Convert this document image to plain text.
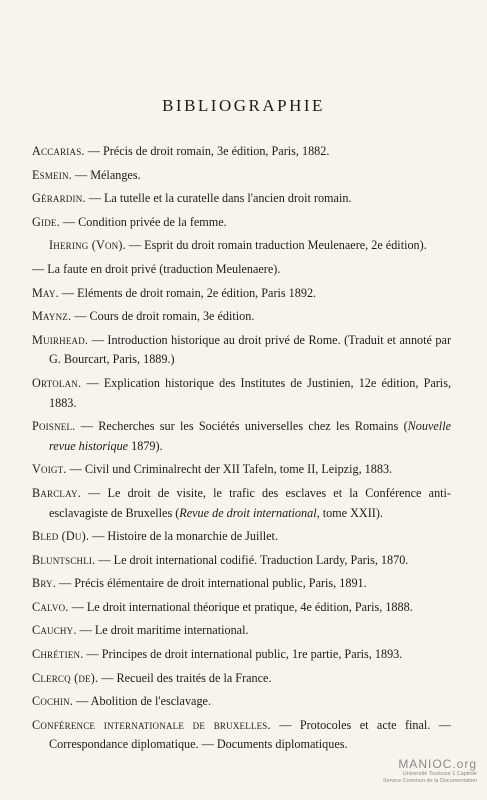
BIBLIOGRAPHIE
Accarias. — Précis de droit romain, 3e édition, Paris, 1882.
Esmein. — Mélanges.
Gérardin. — La tutelle et la curatelle dans l'ancien droit romain.
Gide. — Condition privée de la femme.
Ihering (Von). — Esprit du droit romain traduction Meulenaere, 2e édition).
— La faute en droit privé (traduction Meulenaere).
May. — Eléments de droit romain, 2e édition, Paris 1892.
Maynz. — Cours de droit romain, 3e édition.
Muirhead. — Introduction historique au droit privé de Rome. (Traduit et annoté par G. Bourcart, Paris, 1889.)
Ortolan. — Explication historique des Institutes de Justinien, 12e édition, Paris, 1883.
Poisnel. — Recherches sur les Sociétés universelles chez les Romains (Nouvelle revue historique 1879).
Voigt. — Civil und Criminalrecht der XII Tafeln, tome II, Leipzig, 1883.
Barclay. — Le droit de visite, le trafic des esclaves et la Conférence anti-esclavagiste de Bruxelles (Revue de droit international, tome XXII).
Bled (Du). — Histoire de la monarchie de Juillet.
Bluntschli. — Le droit international codifié. Traduction Lardy, Paris, 1870.
Bry. — Précis élémentaire de droit international public, Paris, 1891.
Calvo. — Le droit international théorique et pratique, 4e édition, Paris, 1888.
Cauchy. — Le droit maritime international.
Chrétien. — Principes de droit international public, 1re partie, Paris, 1893.
Clercq (de). — Recueil des traités de la France.
Cochin. — Abolition de l'esclavage.
Conférence internationale de bruxelles. — Protocoles et acte final. — Correspondance diplomatique. — Documents diplomatiques.
MANIOC.org
Université Toulouse 1 Capitole
Service Commun de la Documentation
